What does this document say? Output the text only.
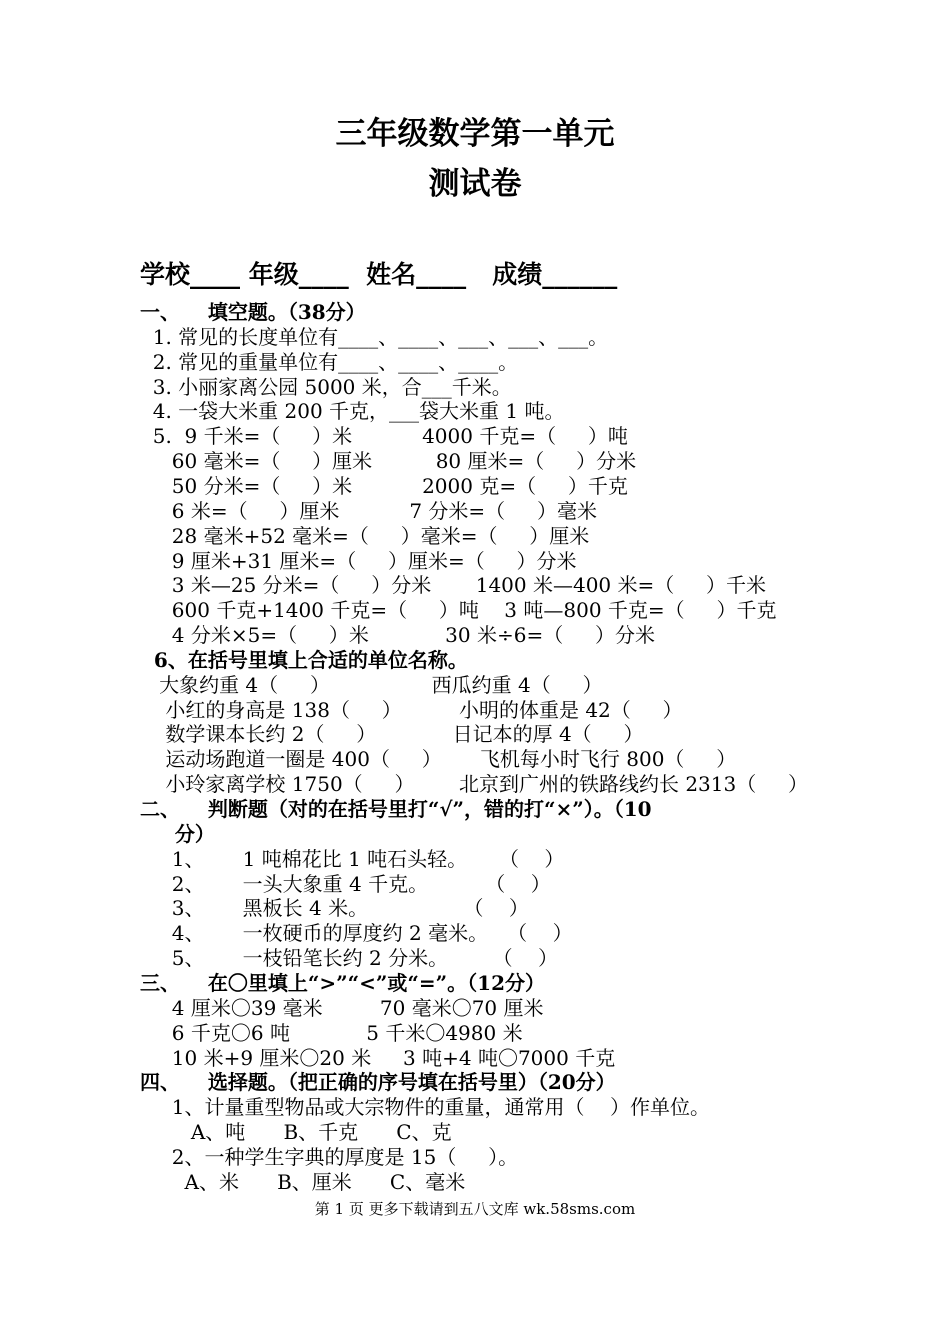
三年级数学第一单元
测试卷
学校____ 年级____  姓名____   成绩______
一、    填空题。（38分）
1. 常见的长度单位有____、____、___、___、___。
2. 常见的重量单位有____、____、____。
3. 小丽家离公园 5000 米，合___千米。
4. 一袋大米重 200 千克，___袋大米重 1 吨。
5.  9 千米=（     ）米           4000 千克=（     ）吨
60 毫米=（     ）厘米          80 厘米=（     ）分米
50 分米=（     ）米           2000 克=（     ）千克
6 米=（     ）厘米           7 分米=（     ）毫米
28 毫米+52 毫米=（     ）毫米=（     ）厘米
9 厘米+31 厘米=（     ）厘米=（     ）分米
3 米—25 分米=（     ）分米       1400 米—400 米=（     ）千米
600 千克+1400 千克=（     ）吨    3 吨—800 千克=（     ）千克
4 分米×5=（     ）米            30 米÷6=（     ）分米
6、在括号里填上合适的单位名称。
大象约重 4（     ）                西瓜约重 4（     ）
小红的身高是 138（     ）         小明的体重是 42（     ）
数学课本长约 2（     ）            日记本的厚 4（     ）
运动场跑道一圈是 400（     ）      飞机每小时飞行 800（     ）
小玲家离学校 1750（     ）       北京到广州的铁路线约长 2313（     ）
二、    判断题（对的在括号里打“√”，错的打“×”）。（10
分）
1、      1 吨棉花比 1 吨石头轻。     （    ）
2、      一头大象重 4 千克。         （    ）
3、      黑板长 4 米。               （    ）
4、      一枚硬币的厚度约 2 毫米。   （    ）
5、      一枝铅笔长约 2 分米。       （    ）
三、    在〇里填上“>”“<”或“=”。（12分）
4 厘米〇39 毫米         70 毫米〇70 厘米
6 千克〇6 吨            5 千米〇4980 米
10 米+9 厘米〇20 米     3 吨+4 吨〇7000 千克
四、    选择题。（把正确的序号填在括号里）（20分）
1、计量重型物品或大宗物件的重量，通常用（    ）作单位。
A、吨      B、千克      C、克
2、一种学生字典的厚度是 15（     ）。
A、米      B、厘米      C、毫米
第 1 页 更多下载请到五八文库 wk.58sms.com
